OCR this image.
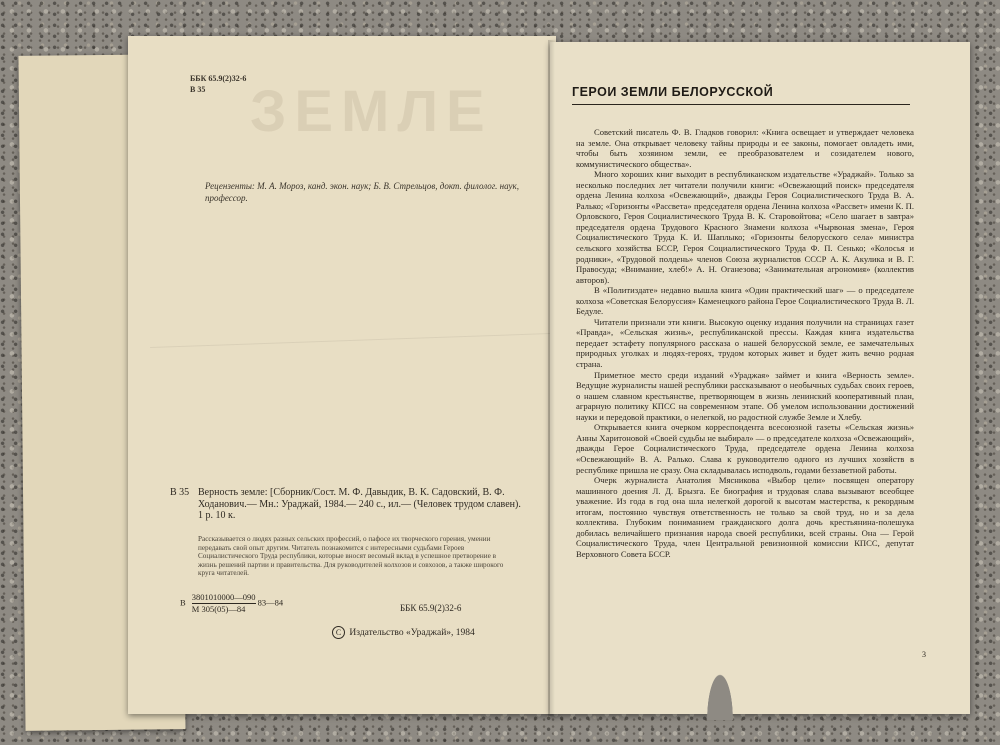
ЗЕМЛЕ
ББК 65.9(2)32-6
В 35
Рецензенты: М. А. Мороз, канд. экон. наук; Б. В. Стрельцов, докт. филолог. наук, профессор.
В 35 Верность земле: [Сборник/Сост. М. Ф. Давыдик, В. К. Садовский, В. Ф. Ходанович.— Мн.: Ураджай, 1984.— 240 с., ил.— (Человек трудом славен).
1 р. 10 к.
Рассказывается о людях разных сельских профессий, о пафосе их творческого горения, умении передавать свой опыт другим. Читатель познакомится с интересными судьбами Героев Социалистического Труда республики, которые вносят весомый вклад в успешное претворение в жизнь решений партии и правительства. Для руководителей колхозов и совхозов, а также широкого круга читателей.
В $\frac{3801010000—090}{М 305(05)—84}$ 83—84
ББК 65.9(2)32-6
C Издательство «Ураджай», 1984
ГЕРОИ ЗЕМЛИ БЕЛОРУССКОЙ

Советский писатель Ф. В. Гладков говорил: «Книга освещает и утверждает человека на земле. Она открывает человеку тайны природы и ее законы, помогает овладеть ими, чтобы быть хозяином земли, ее преобразователем и созидателем нового, коммунистического общества».

Много хороших книг выходит в республиканском издательстве «Ураджай». Только за несколько последних лет читатели получили книги: «Освежающий поиск» председателя ордена Ленина колхоза «Освежающий», дважды Героя Социалистического Труда В. А. Ралько; «Горизонты «Рассвета» председателя ордена Ленина колхоза «Рассвет» имени К. П. Орловского, Героя Социалистического Труда В. К. Старовойтова; «Село шагает в завтра» председателя ордена Трудового Красного Знамени колхоза «Чырвоная змена», Героя Социалистического Труда К. И. Шаплыко; «Горизонты белорусского села» министра сельского хозяйства БССР, Героя Социалистического Труда Ф. П. Сенько; «Колосья и родники», «Трудовой полдень» членов Союза журналистов СССР А. К. Акулика и В. Г. Правосуда; «Внимание, хлеб!» А. Н. Оганезова; «Занимательная агрономия» (коллектив авторов).

В «Политиздате» недавно вышла книга «Один практический шаг» — о председателе колхоза «Советская Белоруссия» Каменецкого района Герое Социалистического Труда В. Л. Бедуле.

Читатели признали эти книги. Высокую оценку издания получили на страницах газет «Правда», «Сельская жизнь», республиканской прессы. Каждая книга издательства передает эстафету популярного рассказа о нашей белорусской земле, ее замечательных природных уголках и людях-героях, трудом которых живет и будет жить вечно родная страна.

Приметное место среди изданий «Ураджая» займет и книга «Верность земле». Ведущие журналисты нашей республики рассказывают о необычных судьбах своих героев, о нашем славном крестьянстве, претворяющем в жизнь ленинский кооперативный план, аграрную политику КПСС на современном этапе. Об умелом использовании достижений науки и передовой практики, о нелегкой, но радостной службе Земле и Хлебу.

Открывается книга очерком корреспондента всесоюзной газеты «Сельская жизнь» Анны Харитоновой «Своей судьбы не выбирал» — о председателе колхоза «Освежающий», дважды Герое Социалистического Труда, председателе ордена Ленина колхоза «Освежающий» В. А. Ралько. Слава к руководителю одного из лучших хозяйств в республике пришла не сразу. Она складывалась исподволь, годами беззаветной работы.

Очерк журналиста Анатолия Мясникова «Выбор цели» посвящен оператору машинного доения Л. Д. Брызга. Ее биография и трудовая слава вызывают всеобщее уважение. Из года в год она шла нелегкой дорогой к высотам мастерства, к рекордным итогам, постоянно чувствуя ответственность не только за свой труд, но и за дела коллектива. Глубоким пониманием гражданского долга дочь крестьянина-полешука добилась величайшего признания народа своей республики, всей страны. Она — Герой Социалистического Труда, член Центральной ревизионной комиссии КПСС, депутат Верховного Совета БССР.

3
